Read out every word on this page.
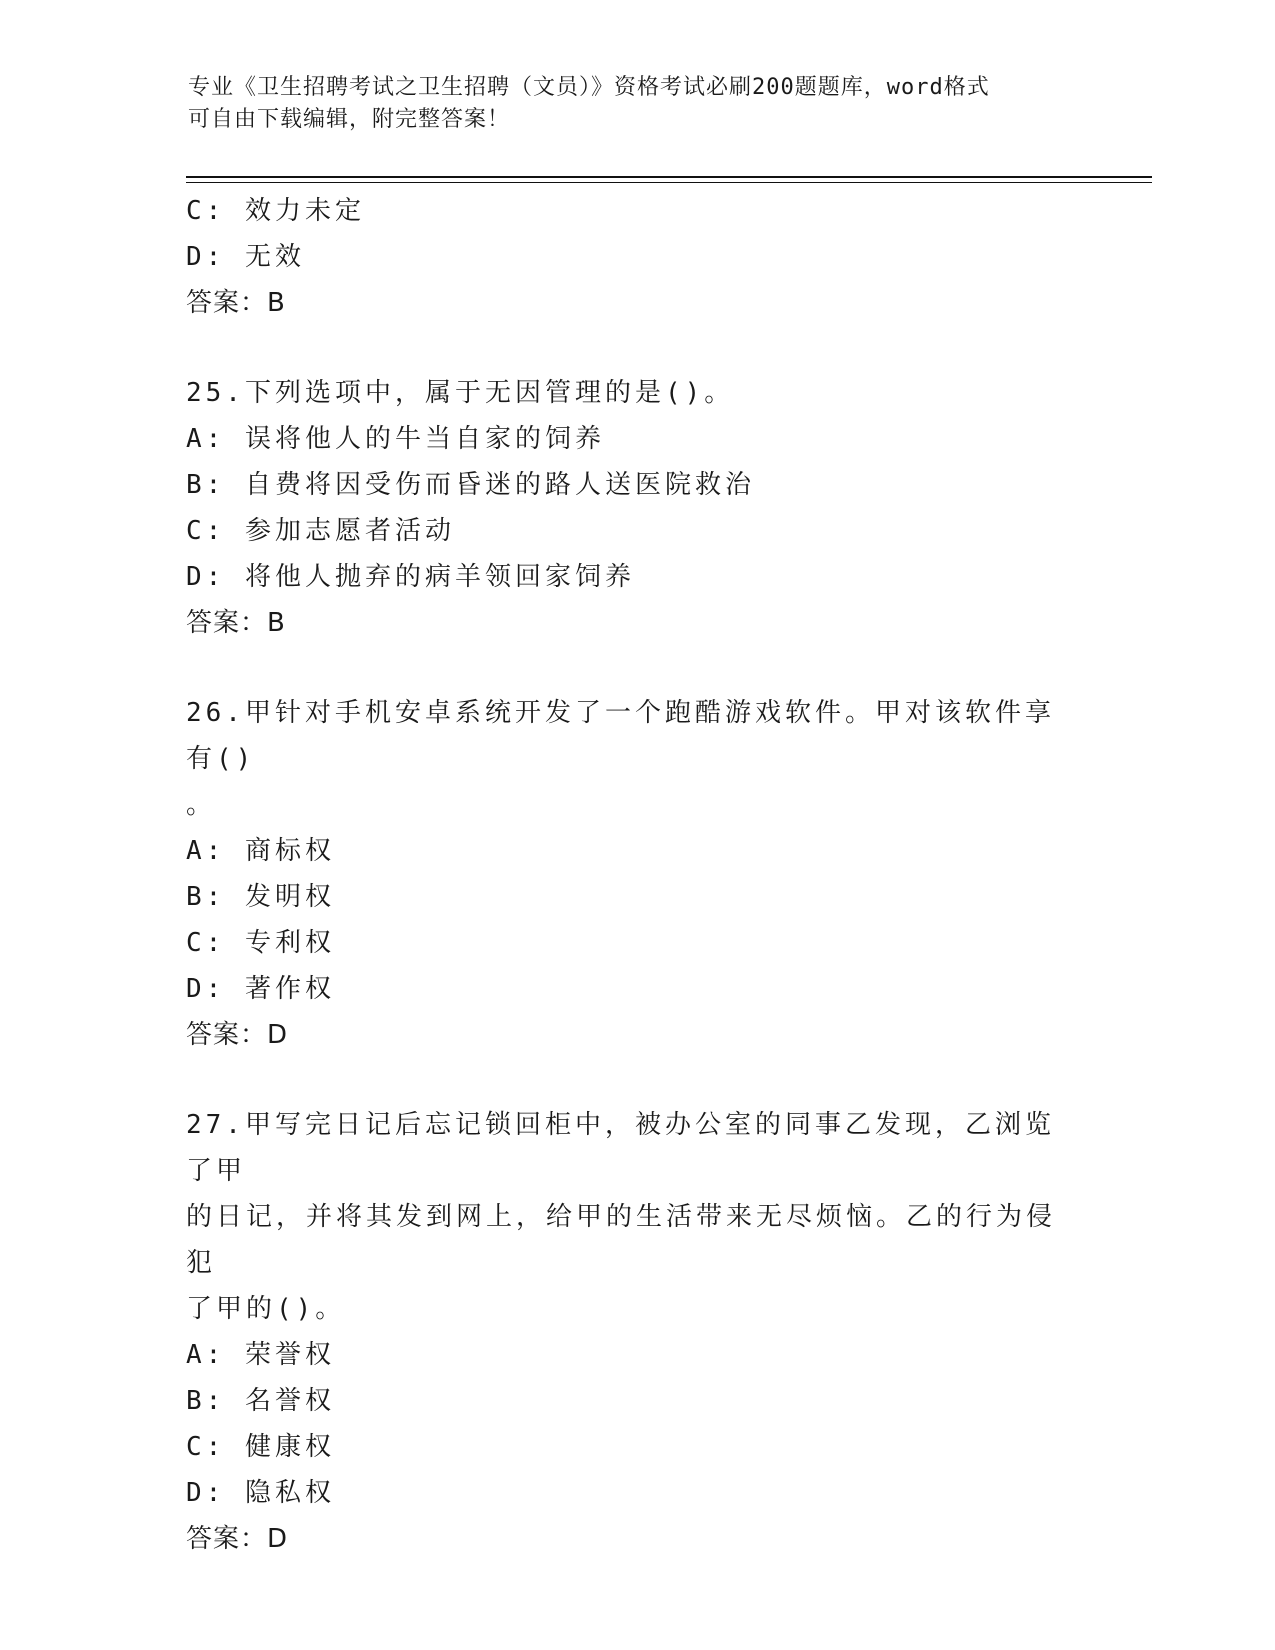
专业《卫生招聘考试之卫生招聘（文员）》资格考试必刷200题题库，word格式
可自由下载编辑，附完整答案！
C: 效力未定
D: 无效
答案：B
25.下列选项中，属于无因管理的是()。
A: 误将他人的牛当自家的饲养
B: 自费将因受伤而昏迷的路人送医院救治
C: 参加志愿者活动
D: 将他人抛弃的病羊领回家饲养
答案：B
26.甲针对手机安卓系统开发了一个跑酷游戏软件。甲对该软件享有()
。
A: 商标权
B: 发明权
C: 专利权
D: 著作权
答案：D
27.甲写完日记后忘记锁回柜中，被办公室的同事乙发现，乙浏览了甲
的日记，并将其发到网上，给甲的生活带来无尽烦恼。乙的行为侵犯
了甲的()。
A: 荣誉权
B: 名誉权
C: 健康权
D: 隐私权
答案：D
